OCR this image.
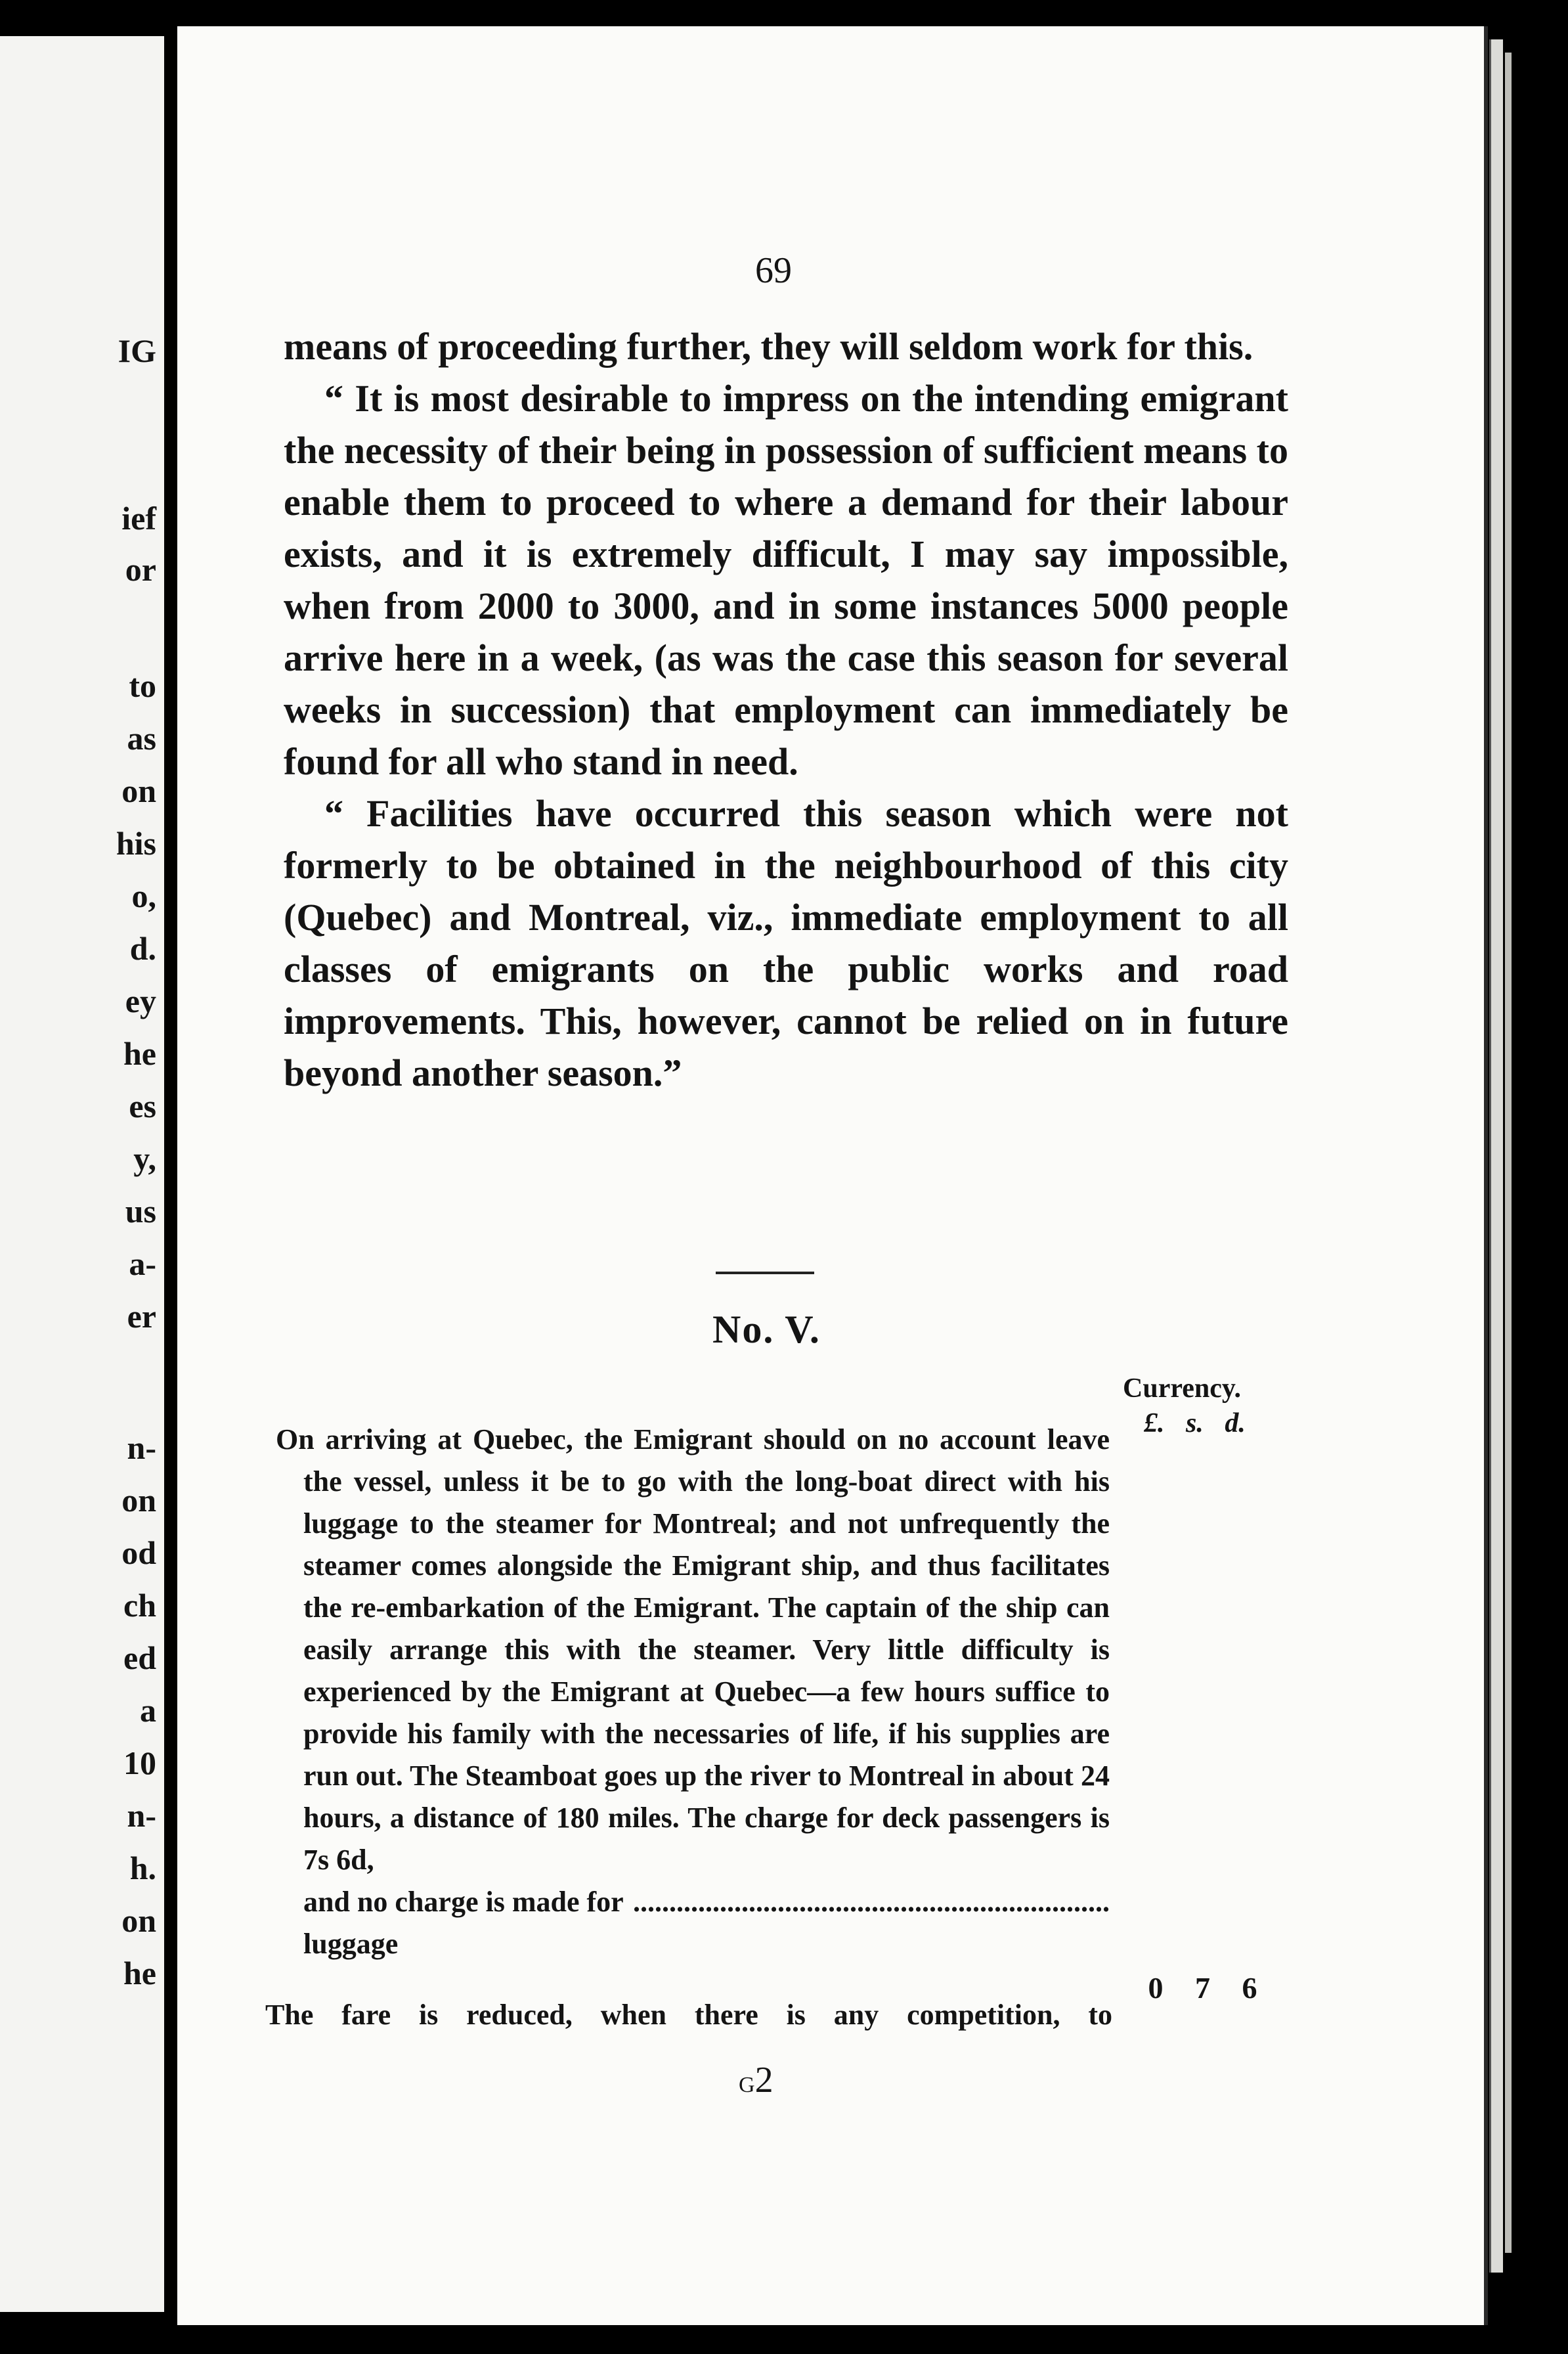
IG
ief
or
to
as
on
his
o,
d.
ey
he
es
y,
us
a-
er
n-
on
od
ch
ed
a
10
n-
h.
on
he
69

means of proceeding further, they will seldom work for this.

“ It is most desirable to impress on the intending emigrant the necessity of their being in possession of sufficient means to enable them to proceed to where a demand for their labour exists, and it is extremely difficult, I may say impossible, when from 2000 to 3000, and in some instances 5000 people arrive here in a week, (as was the case this season for several weeks in succession) that employment can immediately be found for all who stand in need.

“ Facilities have occurred this season which were not formerly to be obtained in the neighbourhood of this city (Quebec) and Montreal, viz., immediate employment to all classes of emigrants on the public works and road improvements. This, however, cannot be relied on in future beyond another season.”

No. V.
Currency.
£. s. d.
On arriving at Quebec, the Emigrant should on no account leave the vessel, unless it be to go with the long-boat direct with his luggage to the steamer for Montreal; and not unfrequently the steamer comes alongside the Emigrant ship, and thus facilitates the re-embarkation of the Emigrant. The captain of the ship can easily arrange this with the steamer. Very little difficulty is experienced by the Emigrant at Quebec—a few hours suffice to provide his family with the necessaries of life, if his supplies are run out. The Steamboat goes up the river to Montreal in about 24 hours, a distance of 180 miles. The charge for deck passengers is 7s 6d,
and no charge is made for luggage
..................................................................
0 7 6
The fare is reduced, when there is any competition, to
G2
